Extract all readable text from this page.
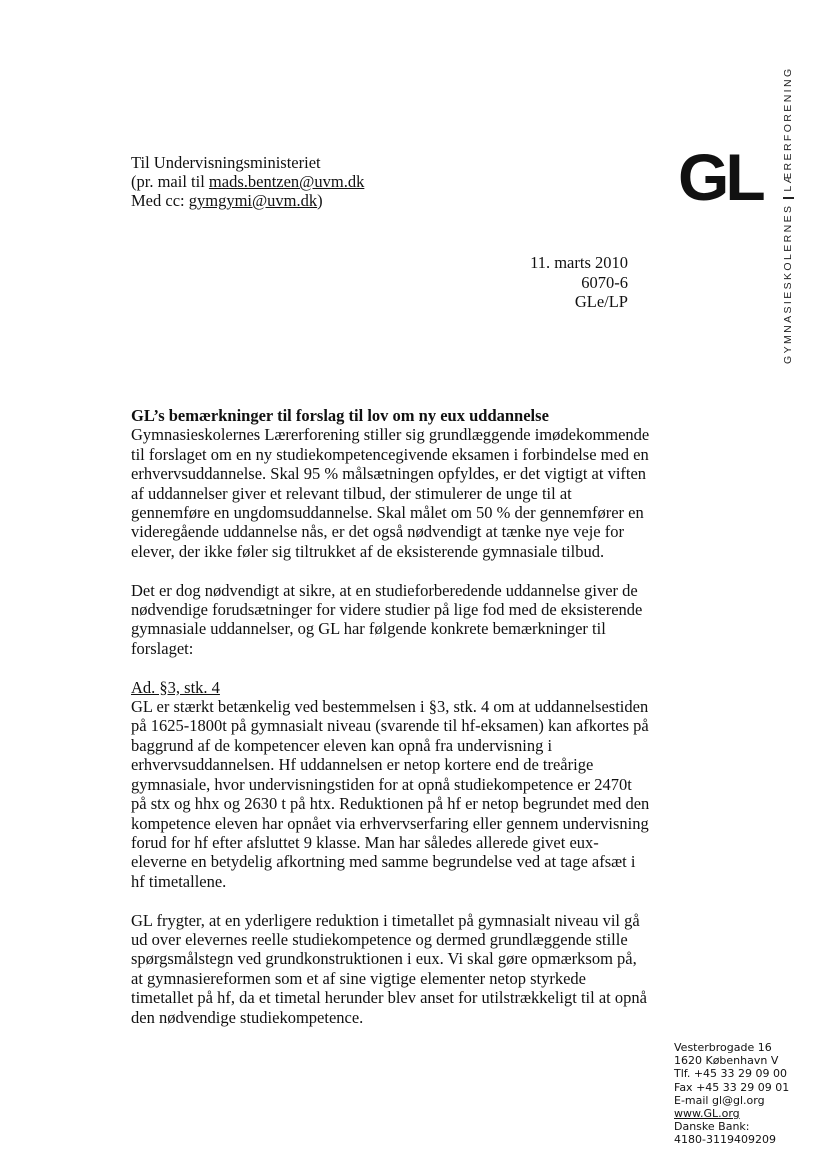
Til Undervisningsministeriet
(pr. mail til mads.bentzen@uvm.dk
Med cc: gymgymi@uvm.dk)
11. marts 2010
6070-6
GLe/LP
GL
GYMNASIESKOLERNESLÆRERFORENING
GL’s bemærkninger til forslag til lov om ny eux uddannelse

Gymnasieskolernes Lærerforening stiller sig grundlæggende imødekommende
til forslaget om en ny studiekompetencegivende eksamen i forbindelse med en
erhvervsuddannelse. Skal 95 % målsætningen opfyldes, er det vigtigt at viften
af uddannelser giver et relevant tilbud, der stimulerer de unge til at
gennemføre en ungdomsuddannelse. Skal målet om 50 % der gennemfører en
videregående uddannelse nås, er det også nødvendigt at tænke nye veje for
elever, der ikke føler sig tiltrukket af de eksisterende gymnasiale tilbud.

Det er dog nødvendigt at sikre, at en studieforberedende uddannelse giver de
nødvendige forudsætninger for videre studier på lige fod med de eksisterende
gymnasiale uddannelser, og GL har følgende konkrete bemærkninger til
forslaget:

Ad. §3, stk. 4

GL er stærkt betænkelig ved bestemmelsen i §3, stk. 4 om at uddannelsestiden
på 1625-1800t på gymnasialt niveau (svarende til hf-eksamen) kan afkortes på
baggrund af de kompetencer eleven kan opnå fra undervisning i
erhvervsuddannelsen. Hf uddannelsen er netop kortere end de treårige
gymnasiale, hvor undervisningstiden for at opnå studiekompetence er 2470t
på stx og hhx og 2630 t på htx. Reduktionen på hf er netop begrundet med den
kompetence eleven har opnået via erhvervserfaring eller gennem undervisning
forud for hf efter afsluttet 9 klasse. Man har således allerede givet eux-
eleverne en betydelig afkortning med samme begrundelse ved at tage afsæt i
hf timetallene.

GL frygter, at en yderligere reduktion i timetallet på gymnasialt niveau vil gå
ud over elevernes reelle studiekompetence og dermed grundlæggende stille
spørgsmålstegn ved grundkonstruktionen i eux. Vi skal gøre opmærksom på,
at gymnasiereformen som et af sine vigtige elementer netop styrkede
timetallet på hf, da et timetal herunder blev anset for utilstrækkeligt til at opnå
den nødvendige studiekompetence.

Vesterbrogade 16
1620 København V
Tlf. +45 33 29 09 00
Fax +45 33 29 09 01
E-mail gl@gl.org
www.GL.org
Danske Bank:
4180-3119409209
